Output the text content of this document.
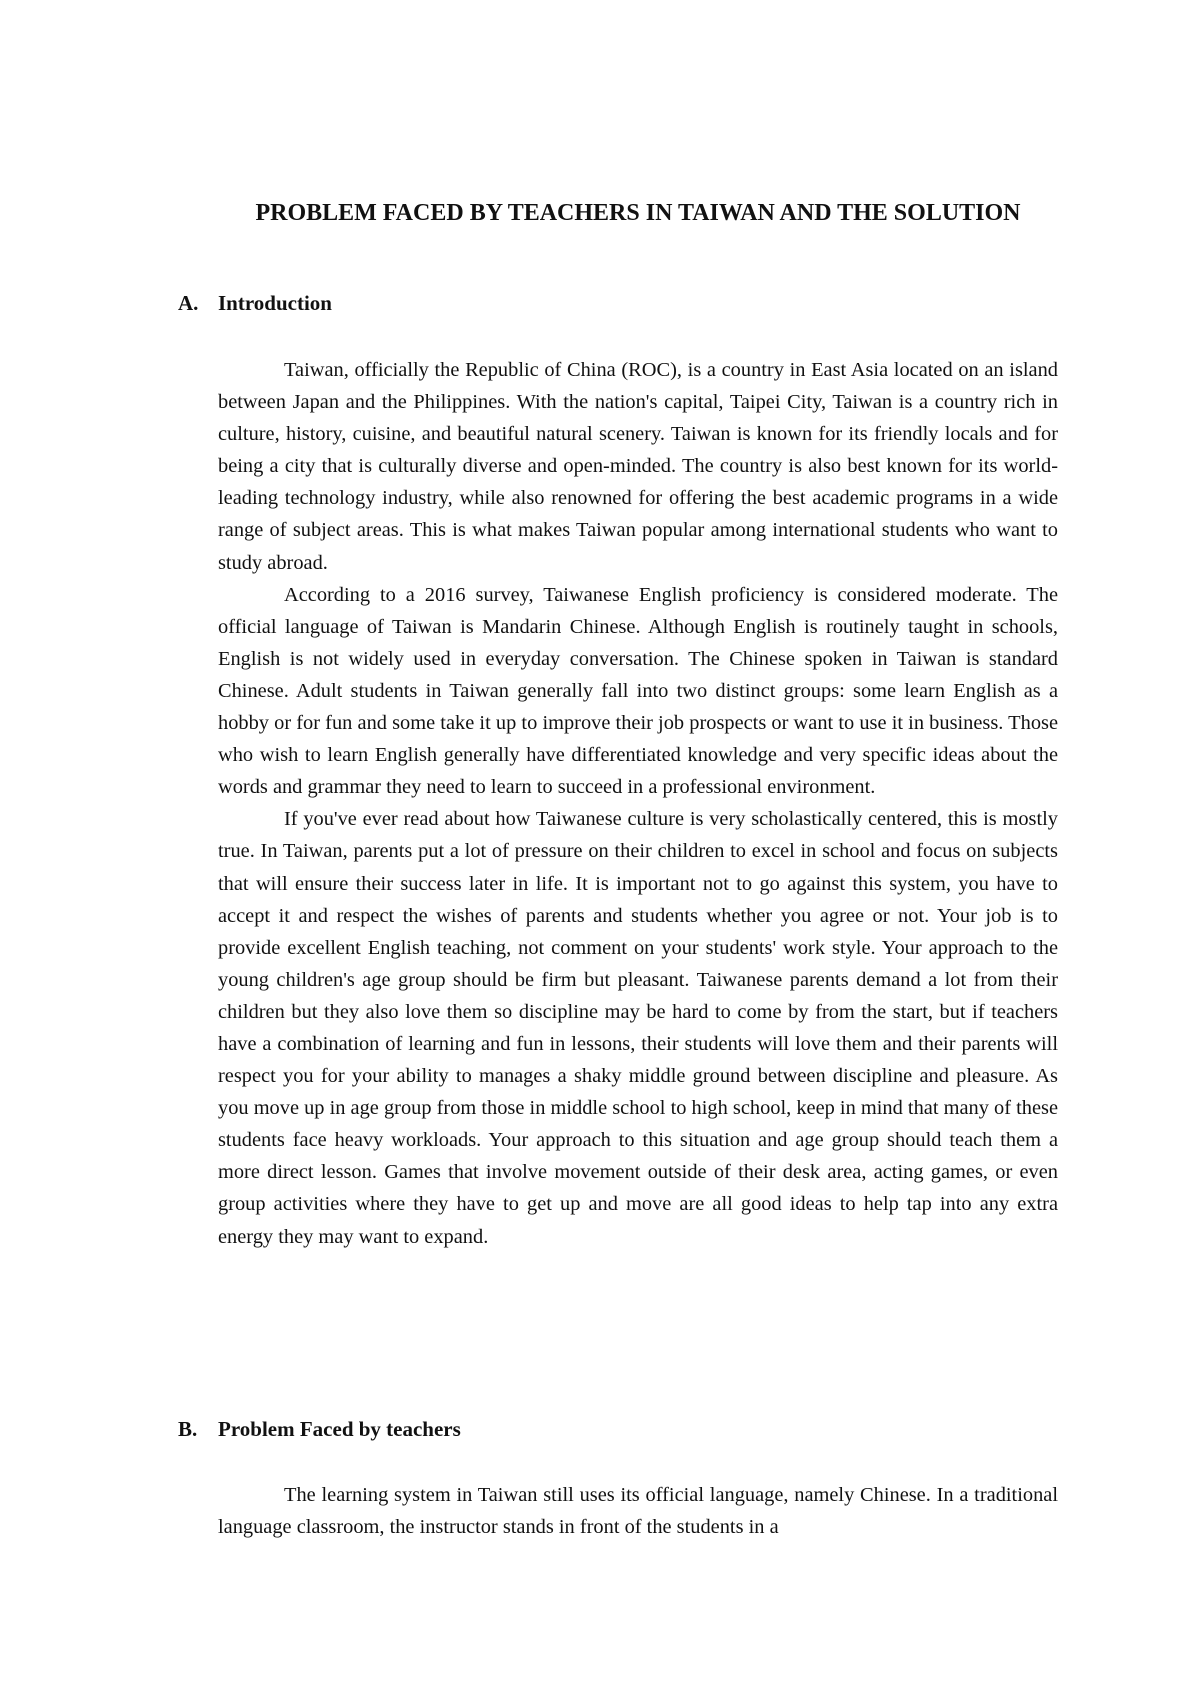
PROBLEM FACED BY TEACHERS IN TAIWAN AND THE SOLUTION
A. Introduction

Taiwan, officially the Republic of China (ROC), is a country in East Asia located on an island between Japan and the Philippines. With the nation's capital, Taipei City, Taiwan is a country rich in culture, history, cuisine, and beautiful natural scenery. Taiwan is known for its friendly locals and for being a city that is culturally diverse and open-minded. The country is also best known for its world-leading technology industry, while also renowned for offering the best academic programs in a wide range of subject areas. This is what makes Taiwan popular among international students who want to study abroad.

According to a 2016 survey, Taiwanese English proficiency is considered moderate. The official language of Taiwan is Mandarin Chinese. Although English is routinely taught in schools, English is not widely used in everyday conversation. The Chinese spoken in Taiwan is standard Chinese. Adult students in Taiwan generally fall into two distinct groups: some learn English as a hobby or for fun and some take it up to improve their job prospects or want to use it in business. Those who wish to learn English generally have differentiated knowledge and very specific ideas about the words and grammar they need to learn to succeed in a professional environment.

If you've ever read about how Taiwanese culture is very scholastically centered, this is mostly true. In Taiwan, parents put a lot of pressure on their children to excel in school and focus on subjects that will ensure their success later in life. It is important not to go against this system, you have to accept it and respect the wishes of parents and students whether you agree or not. Your job is to provide excellent English teaching, not comment on your students' work style. Your approach to the young children's age group should be firm but pleasant. Taiwanese parents demand a lot from their children but they also love them so discipline may be hard to come by from the start, but if teachers have a combination of learning and fun in lessons, their students will love them and their parents will respect you for your ability to manages a shaky middle ground between discipline and pleasure. As you move up in age group from those in middle school to high school, keep in mind that many of these students face heavy workloads. Your approach to this situation and age group should teach them a more direct lesson. Games that involve movement outside of their desk area, acting games, or even group activities where they have to get up and move are all good ideas to help tap into any extra energy they may want to expand.

B. Problem Faced by teachers

The learning system in Taiwan still uses its official language, namely Chinese. In a traditional language classroom, the instructor stands in front of the students in a
